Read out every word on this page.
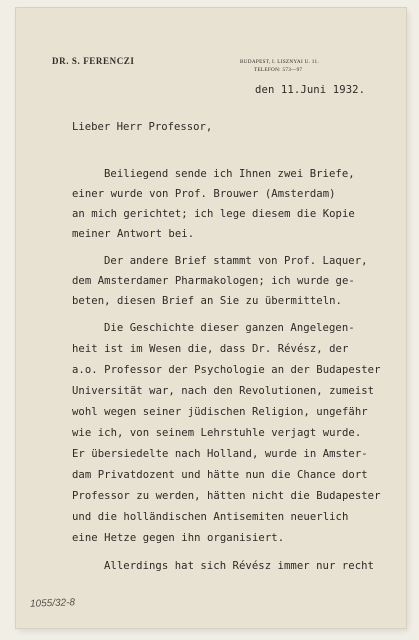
DR. S. FERENCZI	BUDAPEST, I. LISZNYAI U. 11.
TELEFON: 573—97
den 11.Juni 1932.
Lieber Herr Professor,
Beiliegend sende ich Ihnen zwei Briefe,
einer wurde von Prof. Brouwer (Amsterdam)
an mich gerichtet; ich lege diesem die Kopie
meiner Antwort bei.
Der andere Brief stammt von Prof. Laquer,
dem Amsterdamer Pharmakologen; ich wurde ge-
beten, diesen Brief an Sie zu übermitteln.
Die Geschichte dieser ganzen Angelegen-
heit ist im Wesen die, dass Dr. Révész, der
a.o. Professor der Psychologie an der Budapester
Universität war, nach den Revolutionen, zumeist
wohl wegen seiner jüdischen Religion, ungefähr
wie ich, von seinem Lehrstuhle verjagt wurde.
Er übersiedelte nach Holland, wurde in Amster-
dam Privatdozent und hätte nun die Chance dort
Professor zu werden, hätten nicht die Budapester
und die holländischen Antisemiten neuerlich
eine Hetze gegen ihn organisiert.
Allerdings hat sich Révész immer nur recht
1055/32-8
